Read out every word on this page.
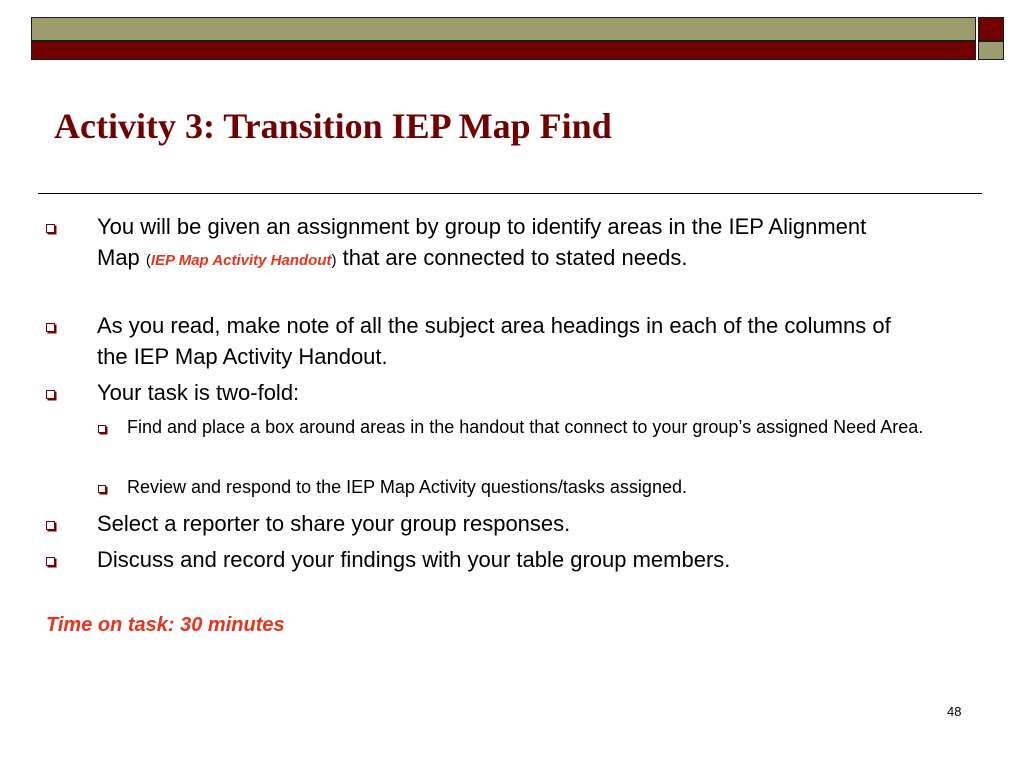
Activity 3: Transition IEP Map Find
You will be given an assignment by group to identify areas in the IEP Alignment Map (IEP Map Activity Handout) that are connected to stated needs.
As you read, make note of all the subject area headings in each of the columns of the IEP Map Activity Handout.
Your task is two-fold:
Find and place a box around areas in the handout that connect to your group’s assigned Need Area.
Review and respond to the IEP Map Activity questions/tasks assigned.
Select a reporter to share your group responses.
Discuss and record your findings with your table group members.
Time on task: 30 minutes
48
